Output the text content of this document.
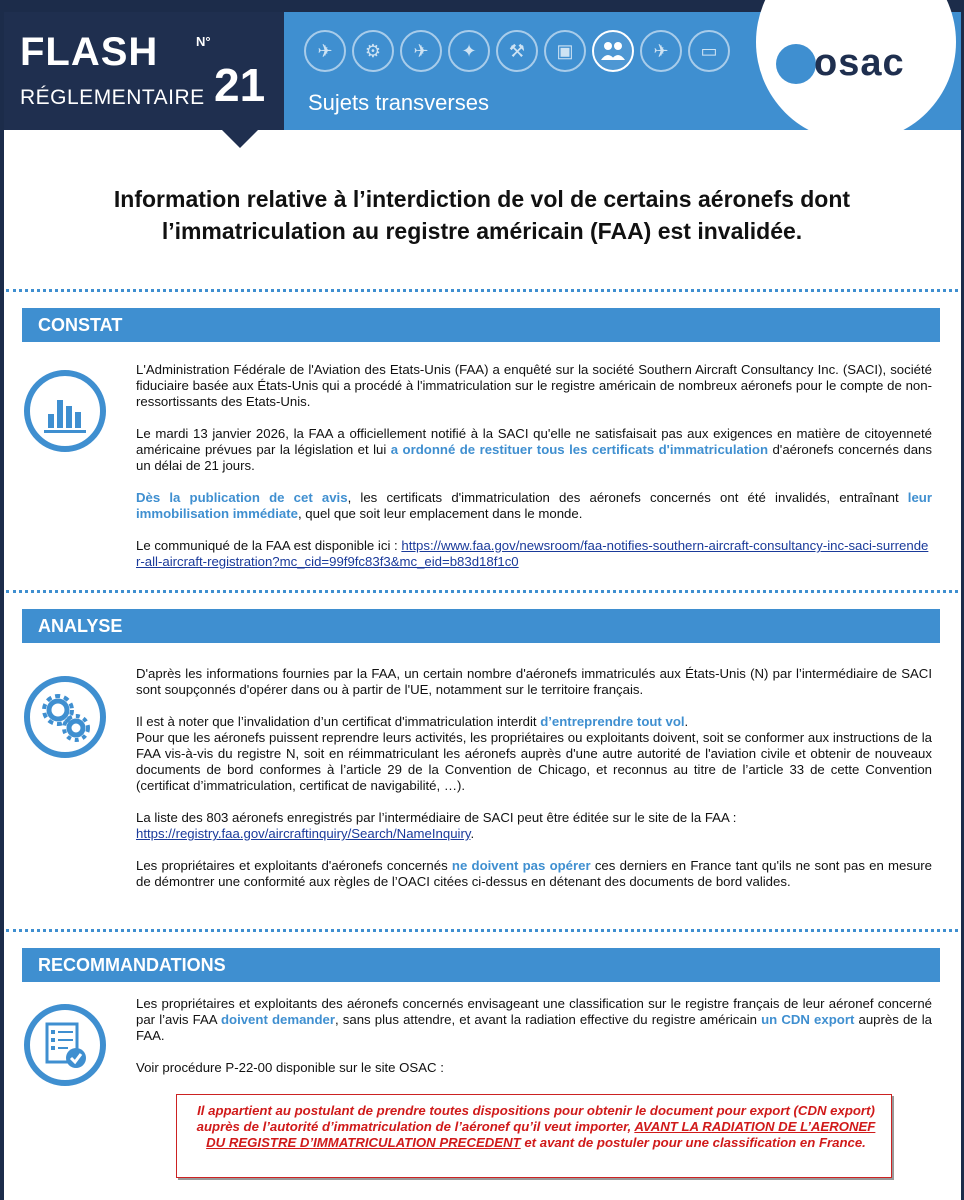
FLASH	N°
21
RÉGLEMENTAIRE
✈	⚙	✈	✦	⚒	▣	✈	▭
Sujets transverses
osac
Information relative à l’interdiction de vol de certains aéronefs dont
l’immatriculation au registre américain (FAA) est invalidée.
CONSTAT

L'Administration Fédérale de l'Aviation des Etats-Unis (FAA) a enquêté sur la société Southern Aircraft Consultancy Inc. (SACI), société fiduciaire basée aux États-Unis qui a procédé à l'immatriculation sur le registre américain de nombreux aéronefs pour le compte de non-ressortissants des Etats-Unis.

Le mardi 13 janvier 2026, la FAA a officiellement notifié à la SACI qu'elle ne satisfaisait pas aux exigences en matière de citoyenneté américaine prévues par la législation et lui a ordonné de restituer tous les certificats d'immatriculation d'aéronefs concernés dans un délai de 21 jours.

Dès la publication de cet avis, les certificats d'immatriculation des aéronefs concernés ont été invalidés, entraînant leur immobilisation immédiate, quel que soit leur emplacement dans le monde.

Le communiqué de la FAA est disponible ici : https://www.faa.gov/newsroom/faa-notifies-southern-aircraft-consultancy-inc-saci-surrender-all-aircraft-registration?mc_cid=99f9fc83f3&mc_eid=b83d18f1c0

ANALYSE

D'après les informations fournies par la FAA, un certain nombre d'aéronefs immatriculés aux États-Unis (N) par l’intermédiaire de SACI sont soupçonnés d'opérer dans ou à partir de l'UE, notamment sur le territoire français.

Il est à noter que l’invalidation d’un certificat d'immatriculation interdit d’entreprendre tout vol.

Pour que les aéronefs puissent reprendre leurs activités, les propriétaires ou exploitants doivent, soit se conformer aux instructions de la FAA vis-à-vis du registre N, soit en réimmatriculant les aéronefs auprès d'une autre autorité de l'aviation civile et obtenir de nouveaux documents de bord conformes à l’article 29 de la Convention de Chicago, et reconnus au titre de l’article 33 de cette Convention (certificat d’immatriculation, certificat de navigabilité, …).

La liste des 803 aéronefs enregistrés par l’intermédiaire de SACI peut être éditée sur le site de la FAA : https://registry.faa.gov/aircraftinquiry/Search/NameInquiry.

Les propriétaires et exploitants d'aéronefs concernés ne doivent pas opérer ces derniers en France tant qu'ils ne sont pas en mesure de démontrer une conformité aux règles de l’OACI citées ci-dessus en détenant des documents de bord valides.

RECOMMANDATIONS

Les propriétaires et exploitants des aéronefs concernés envisageant une classification sur le registre français de leur aéronef concerné par l’avis FAA doivent demander, sans plus attendre, et avant la radiation effective du registre américain un CDN export auprès de la FAA.

Voir procédure P-22-00 disponible sur le site OSAC :

Il appartient au postulant de prendre toutes dispositions pour obtenir le document pour export (CDN export) auprès de l’autorité d’immatriculation de l’aéronef qu’il veut importer, AVANT LA RADIATION DE L’AERONEF DU REGISTRE D’IMMATRICULATION PRECEDENT et avant de postuler pour une classification en France.
